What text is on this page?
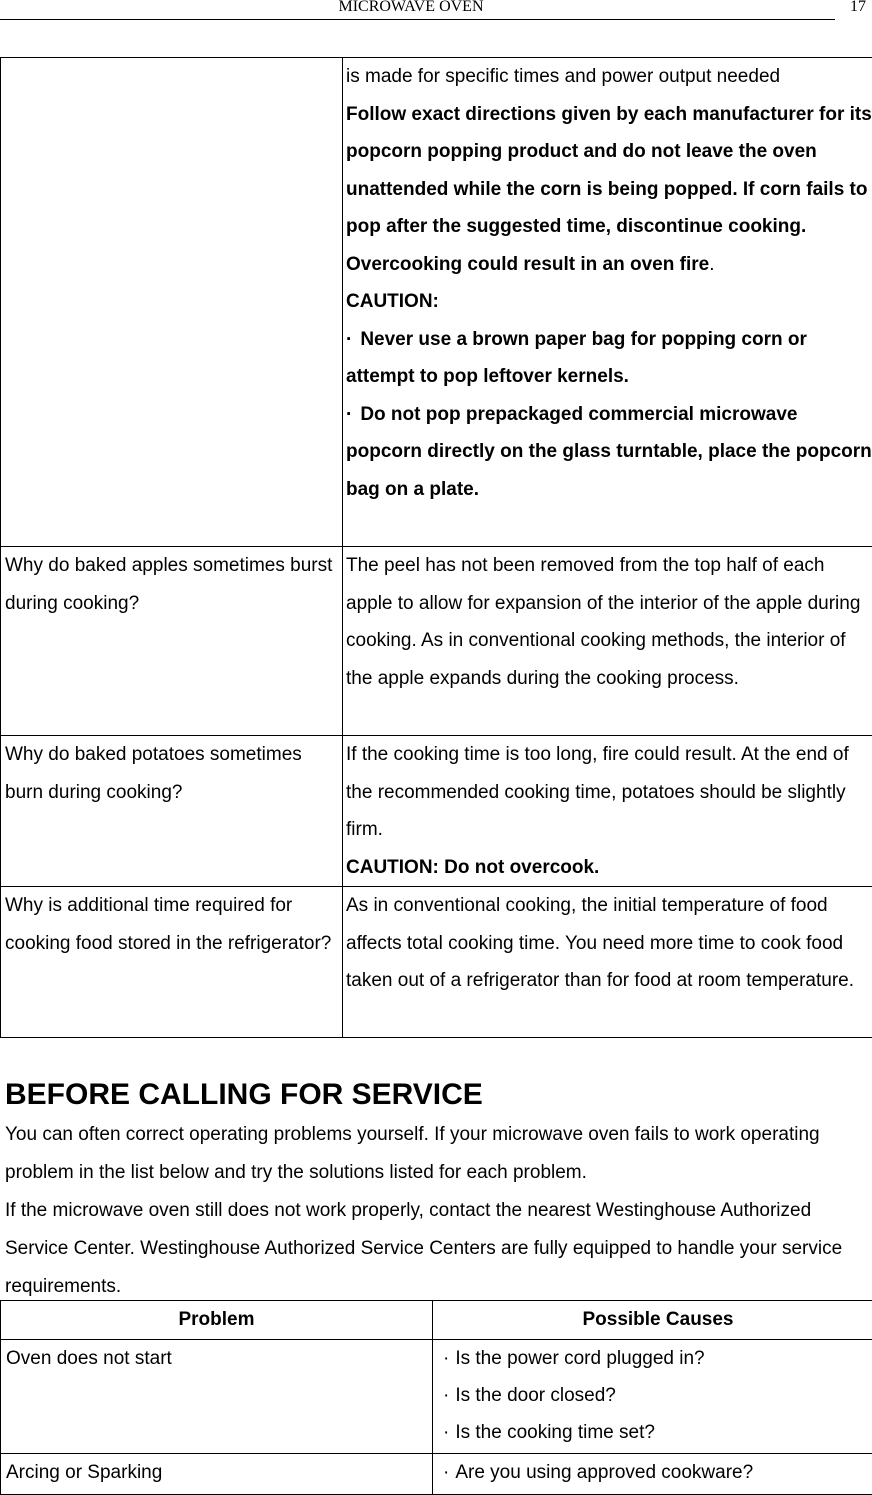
MICROWAVE OVEN	17

	is made for specific times and power output needed
Follow exact directions given by each manufacturer for its popcorn popping product and do not leave the oven unattended while the corn is being popped. If corn fails to pop after the suggested time, discontinue cooking. Overcooking could result in an oven fire.
CAUTION:
· Never use a brown paper bag for popping corn or attempt to pop leftover kernels.
· Do not pop prepackaged commercial microwave popcorn directly on the glass turntable, place the popcorn bag on a plate.

Why do baked apples sometimes burst during cooking?	The peel has not been removed from the top half of each apple to allow for expansion of the interior of the apple during cooking. As in conventional cooking methods, the interior of the apple expands during the cooking process.
Why do baked potatoes sometimes burn during cooking?	If the cooking time is too long, fire could result. At the end of the recommended cooking time, potatoes should be slightly firm.
CAUTION: Do not overcook.

Why is additional time required for cooking food stored in the refrigerator?	As in conventional cooking, the initial temperature of food affects total cooking time. You need more time to cook food taken out of a refrigerator than for food at room temperature.
BEFORE CALLING FOR SERVICE

You can often correct operating problems yourself. If your microwave oven fails to work operating problem in the list below and try the solutions listed for each problem.

If the microwave oven still does not work properly, contact the nearest Westinghouse Authorized Service Center. Westinghouse Authorized Service Centers are fully equipped to handle your service requirements.

Problem	Possible Causes
Oven does not start	· Is the power cord plugged in?
· Is the door closed?
· Is the cooking time set?

Arcing or Sparking	· Are you using approved cookware?
